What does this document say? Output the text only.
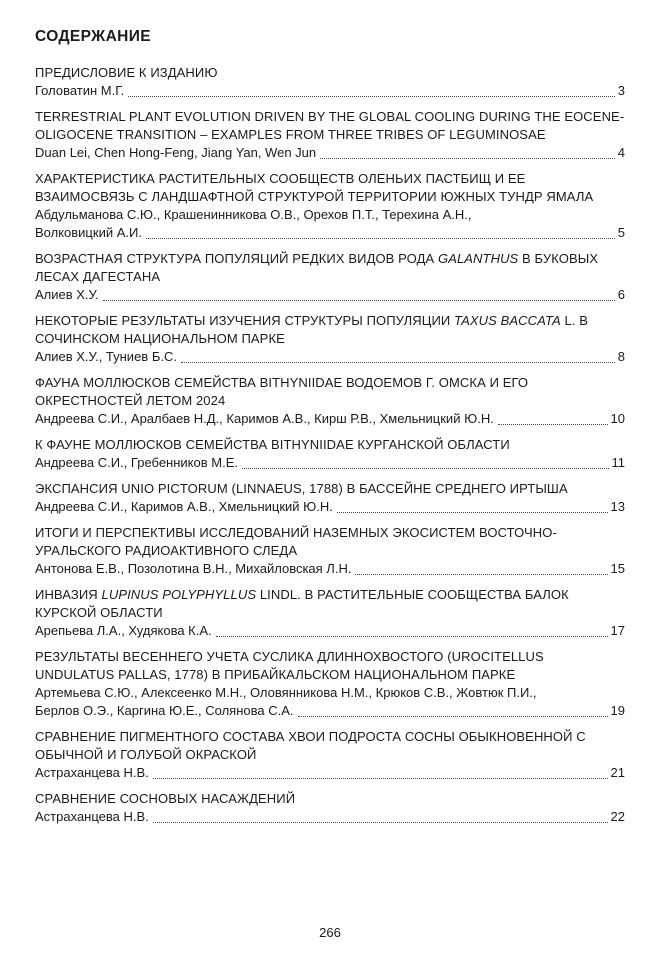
СОДЕРЖАНИЕ
ПРЕДИСЛОВИЕ К ИЗДАНИЮ
Головатин М.Г.	3
TERRESTRIAL PLANT EVOLUTION DRIVEN BY THE GLOBAL COOLING DURING THE EOCENE-OLIGOCENE TRANSITION – EXAMPLES FROM THREE TRIBES OF LEGUMINOSAE
Duan Lei, Chen Hong-Feng, Jiang Yan, Wen Jun	4
ХАРАКТЕРИСТИКА РАСТИТЕЛЬНЫХ СООБЩЕСТВ ОЛЕНЬИХ ПАСТБИЩ И ЕЕ ВЗАИМОСВЯЗЬ С ЛАНДШАФТНОЙ СТРУКТУРОЙ ТЕРРИТОРИИ ЮЖНЫХ ТУНДР ЯМАЛА
Абдульманова С.Ю., Крашенинникова О.В., Орехов П.Т., Терехина А.Н.,
Волковицкий А.И.	5
ВОЗРАСТНАЯ СТРУКТУРА ПОПУЛЯЦИЙ РЕДКИХ ВИДОВ РОДА GALANTHUS В БУКОВЫХ ЛЕСАХ ДАГЕСТАНА
Алиев Х.У.	6
НЕКОТОРЫЕ РЕЗУЛЬТАТЫ ИЗУЧЕНИЯ СТРУКТУРЫ ПОПУЛЯЦИИ TAXUS BACCATA L. В СОЧИНСКОМ НАЦИОНАЛЬНОМ ПАРКЕ
Алиев Х.У., Туниев Б.С.	8
ФАУНА МОЛЛЮСКОВ СЕМЕЙСТВА BITHYNIIDAE ВОДОЕМОВ Г. ОМСКА И ЕГО ОКРЕСТНОСТЕЙ ЛЕТОМ 2024
Андреева С.И., Аралбаев Н.Д., Каримов А.В., Кирш Р.В., Хмельницкий Ю.Н.	10
К ФАУНЕ МОЛЛЮСКОВ СЕМЕЙСТВА BITHYNIIDAE КУРГАНСКОЙ ОБЛАСТИ
Андреева С.И., Гребенников М.Е.	11
ЭКСПАНСИЯ UNIO PICTORUM (LINNAEUS, 1788) В БАССЕЙНЕ СРЕДНЕГО ИРТЫША
Андреева С.И., Каримов А.В., Хмельницкий Ю.Н.	13
ИТОГИ И ПЕРСПЕКТИВЫ ИССЛЕДОВАНИЙ НАЗЕМНЫХ ЭКОСИСТЕМ ВОСТОЧНО-УРАЛЬСКОГО РАДИОАКТИВНОГО СЛЕДА
Антонова Е.В., Позолотина В.Н., Михайловская Л.Н.	15
ИНВАЗИЯ LUPINUS POLYPHYLLUS LINDL. В РАСТИТЕЛЬНЫЕ СООБЩЕСТВА БАЛОК КУРСКОЙ ОБЛАСТИ
Арепьева Л.А., Худякова К.А.	17
РЕЗУЛЬТАТЫ ВЕСЕННЕГО УЧЕТА СУСЛИКА ДЛИННОХВОСТОГО (UROCITELLUS UNDULATUS PALLAS, 1778) В ПРИБАЙКАЛЬСКОМ НАЦИОНАЛЬНОМ ПАРКЕ
Артемьева С.Ю., Алексеенко М.Н., Оловянникова Н.М., Крюков С.В., Жовтюк П.И.,
Берлов О.Э., Каргина Ю.Е., Солянова С.А.	19
СРАВНЕНИЕ ПИГМЕНТНОГО СОСТАВА ХВОИ ПОДРОСТА СОСНЫ ОБЫКНОВЕННОЙ С ОБЫЧНОЙ И ГОЛУБОЙ ОКРАСКОЙ
Астраханцева Н.В.	21
СРАВНЕНИЕ СОСНОВЫХ НАСАЖДЕНИЙ
Астраханцева Н.В.	22
266
